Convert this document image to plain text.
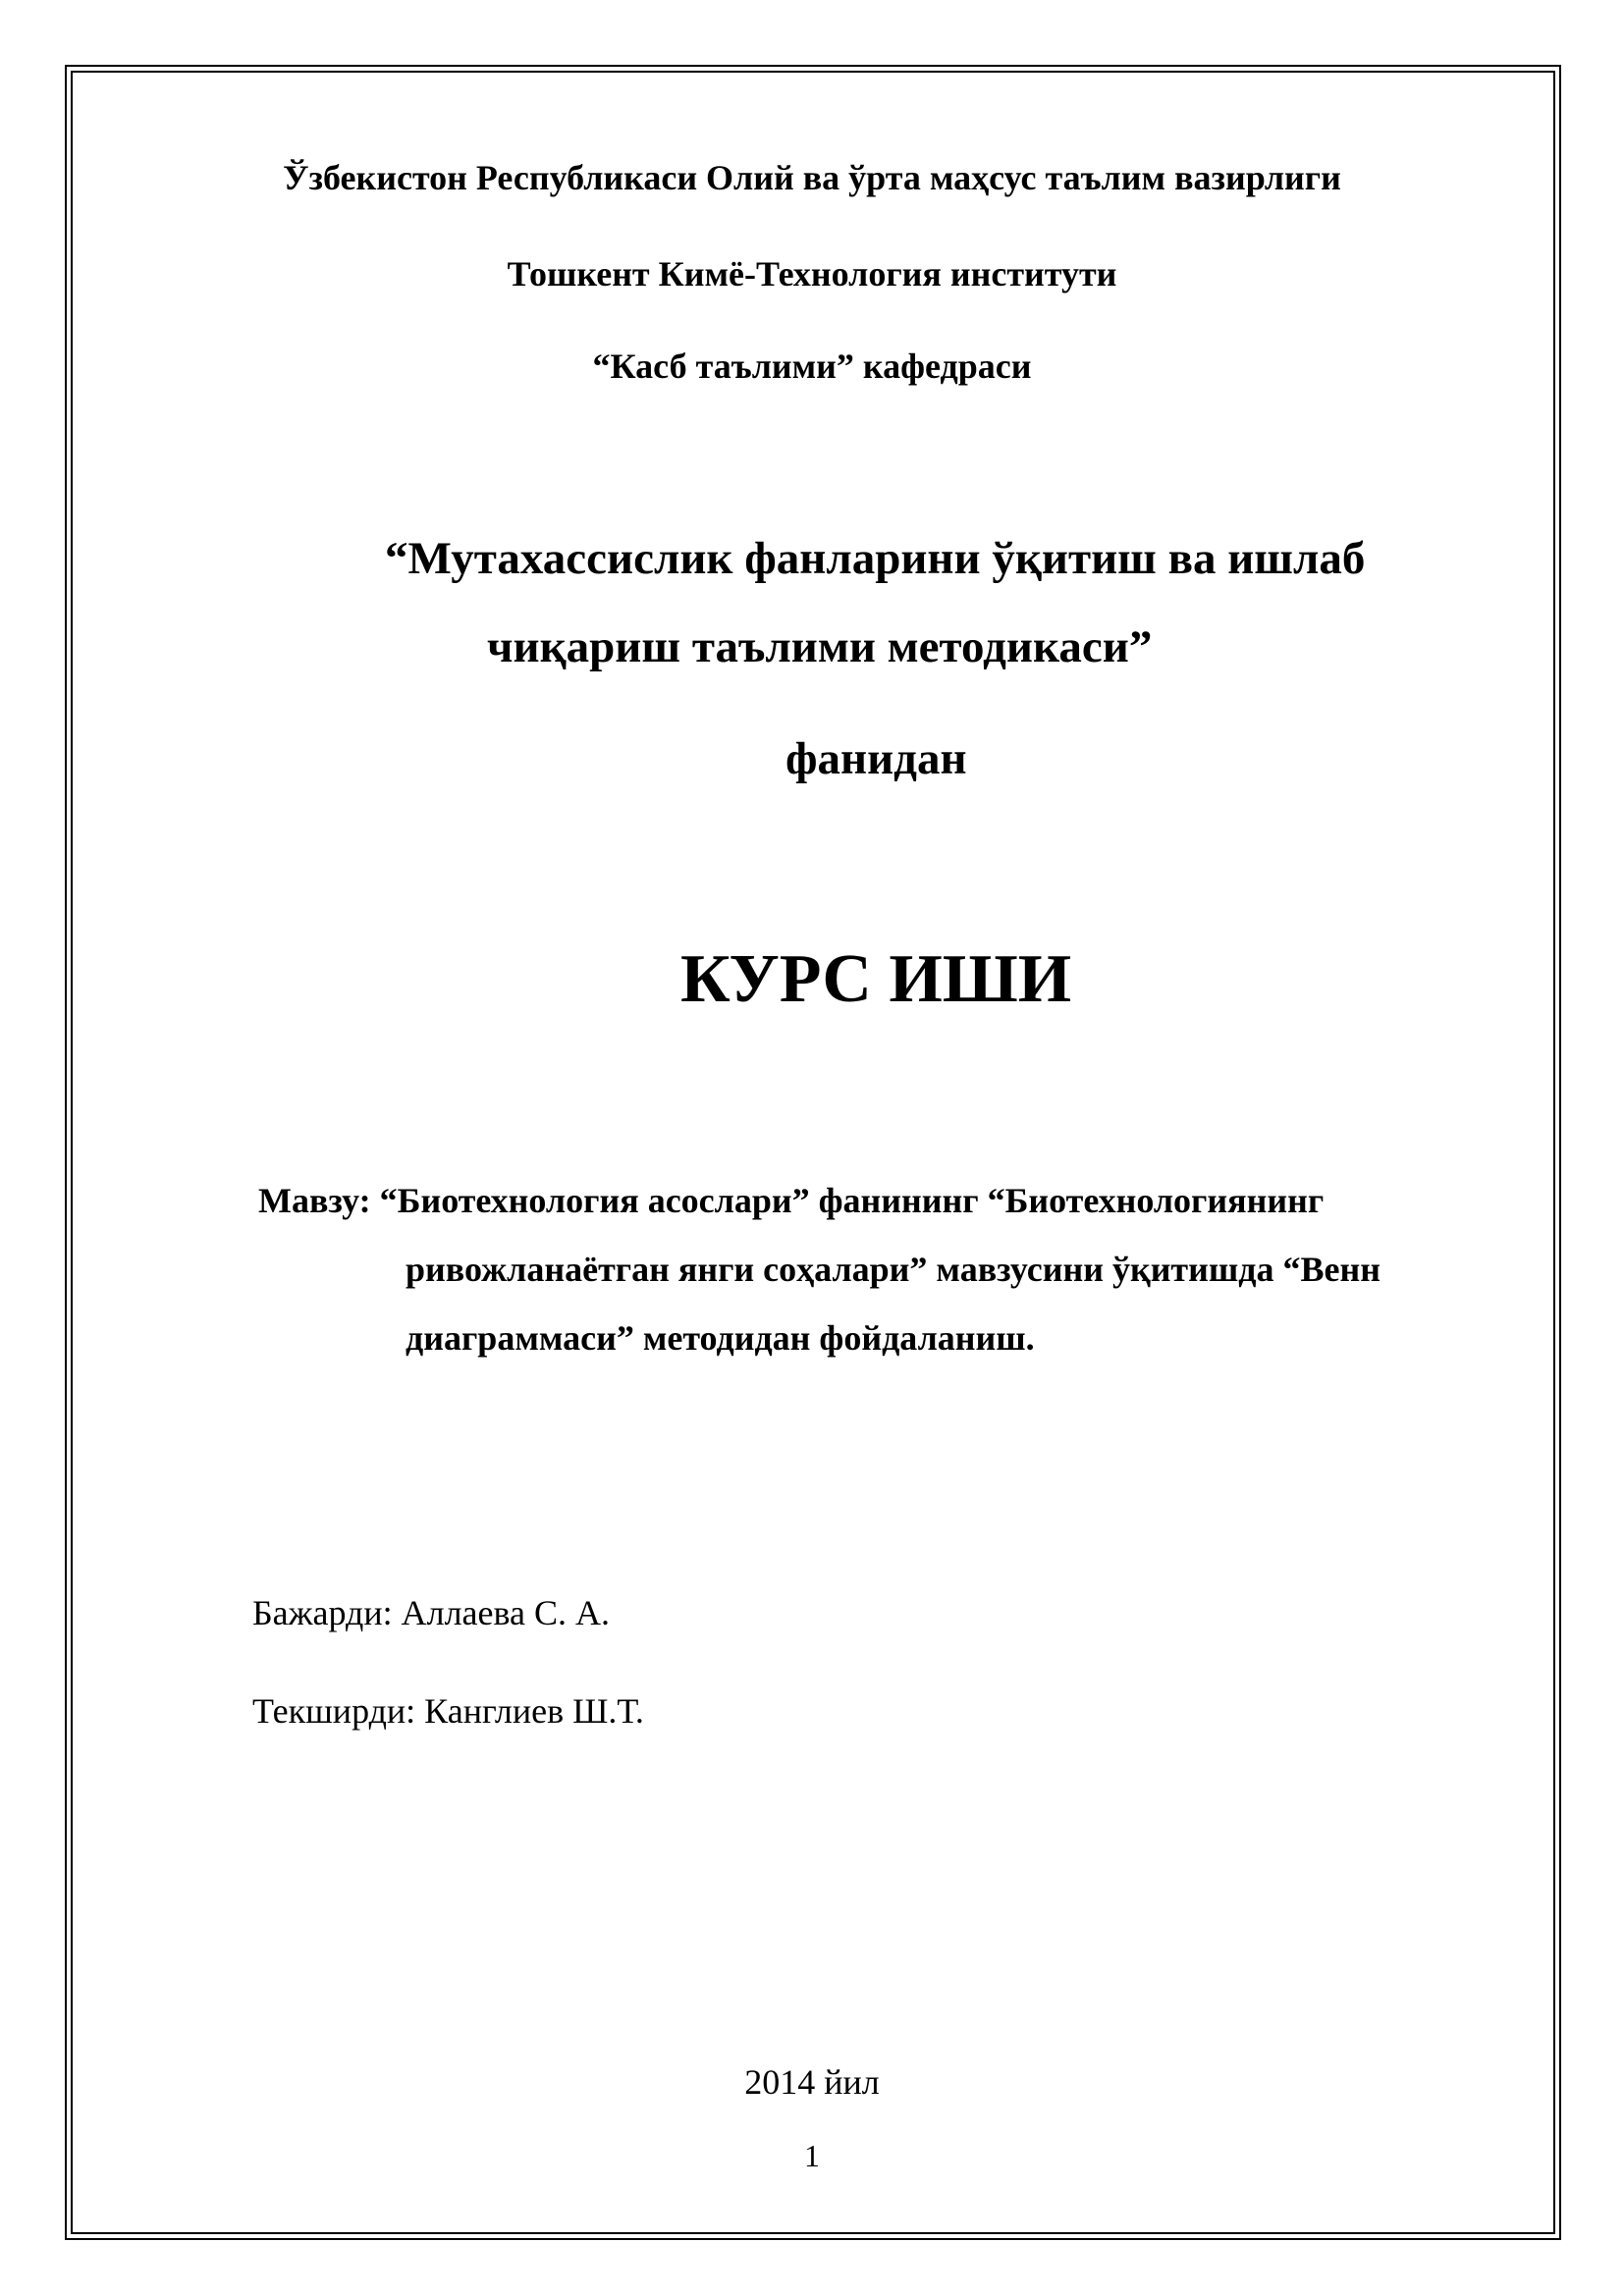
Ўзбекистон Республикаси Олий ва ўрта маҳсус таълим вазирлиги
Тошкент Кимё-Технология институти
“Касб таълими” кафедраси
“Мутахассислик фанларини ўқитиш ва ишлаб
чиқариш таълими методикаси”
фанидан
КУРС ИШИ
Мавзу: “Биотехнология асослари” фанининг “Биотехнологиянинг
ривожланаётган янги соҳалари” мавзусини ўқитишда “Венн
диаграммаси” методидан фойдаланиш.
Бажарди: Аллаева С. А.
Текширди: Канглиев Ш.Т.
2014 йил
1
